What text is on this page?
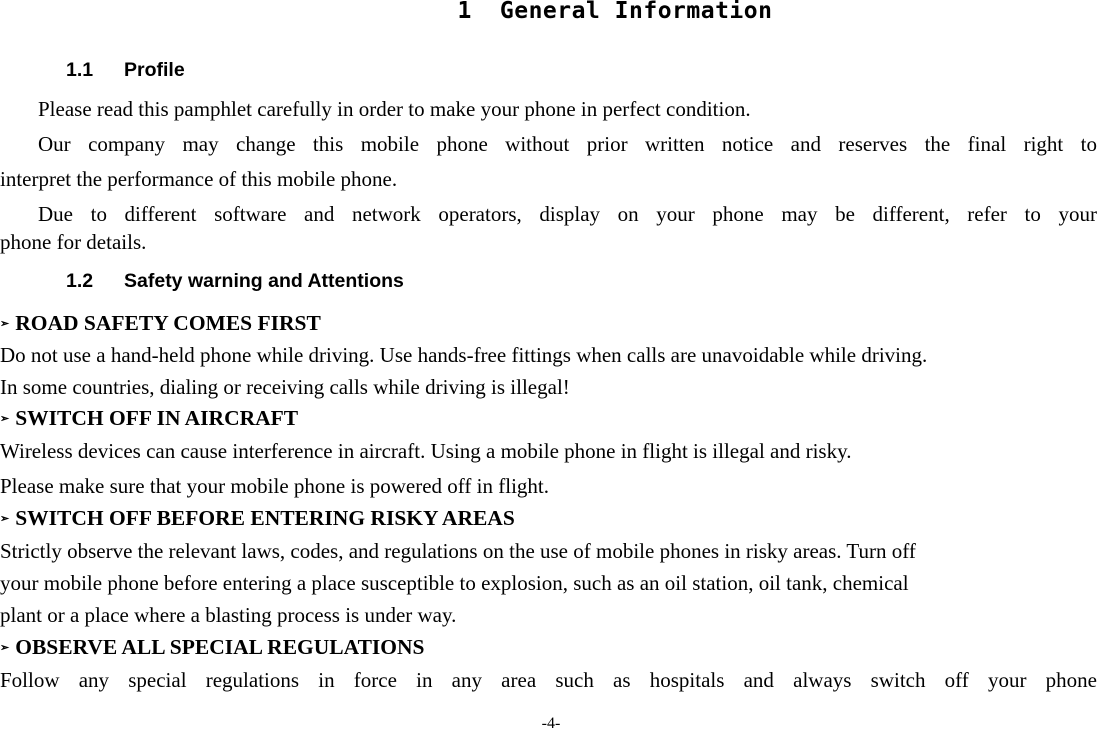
1 General Information
1.1 Profile
Please read this pamphlet carefully in order to make your phone in perfect condition.
Our company may change this mobile phone without prior written notice and reserves the final right to
interpret the performance of this mobile phone.
Due to different software and network operators, display on your phone may be different, refer to your
phone for details.
1.2 Safety warning and Attentions
➢ ROAD SAFETY COMES FIRST
Do not use a hand-held phone while driving. Use hands-free fittings when calls are unavoidable while driving.
In some countries, dialing or receiving calls while driving is illegal!
➢ SWITCH OFF IN AIRCRAFT
Wireless devices can cause interference in aircraft. Using a mobile phone in flight is illegal and risky.
Please make sure that your mobile phone is powered off in flight.
➢ SWITCH OFF BEFORE ENTERING RISKY AREAS
Strictly observe the relevant laws, codes, and regulations on the use of mobile phones in risky areas. Turn off
your mobile phone before entering a place susceptible to explosion, such as an oil station, oil tank, chemical
plant or a place where a blasting process is under way.
➢ OBSERVE ALL SPECIAL REGULATIONS
Follow any special regulations in force in any area such as hospitals and always switch off your phone
-4-
